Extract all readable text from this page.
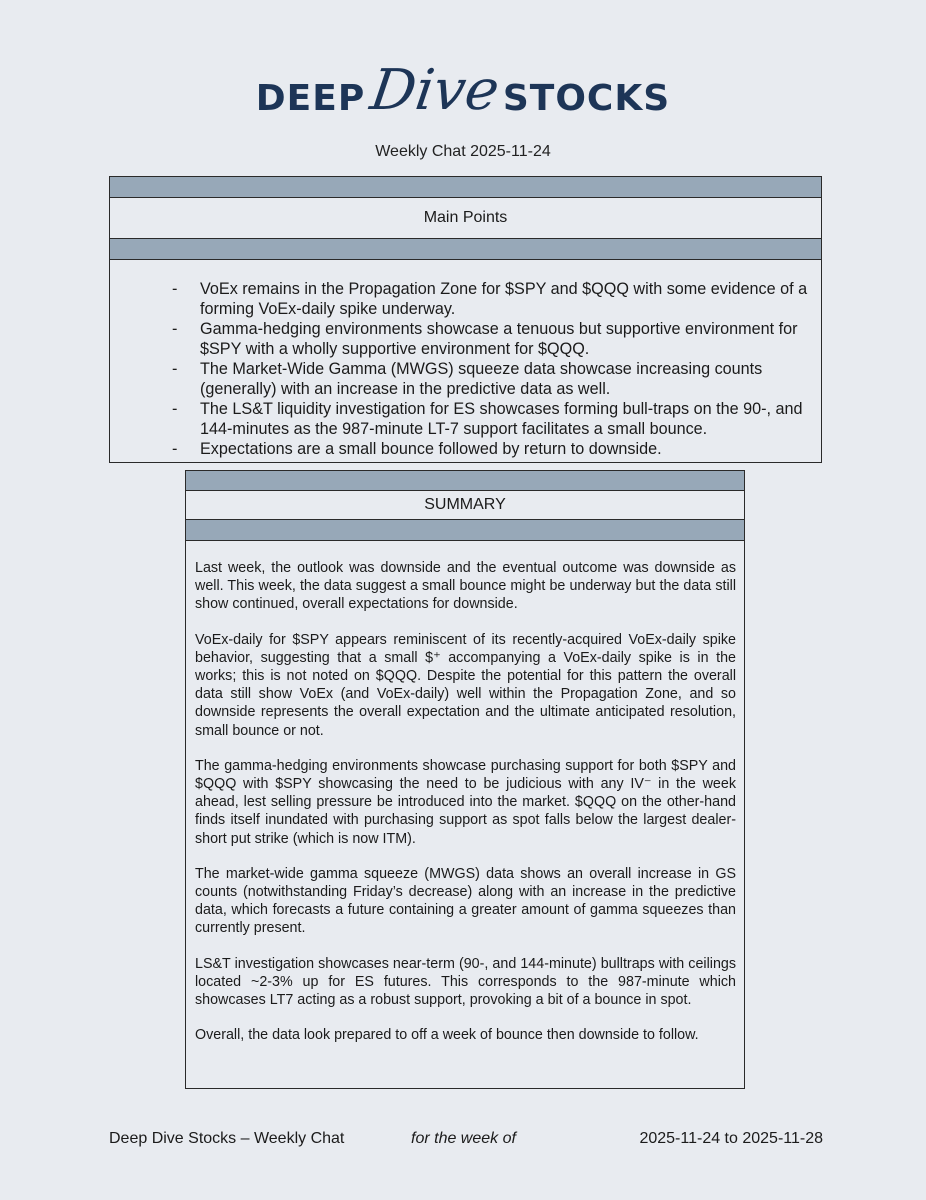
DEEP Dive STOCKS
Weekly Chat 2025-11-24
Main Points
- VoEx remains in the Propagation Zone for $SPY and $QQQ with some evidence of a forming VoEx-daily spike underway.
- Gamma-hedging environments showcase a tenuous but supportive environment for $SPY with a wholly supportive environment for $QQQ.
- The Market-Wide Gamma (MWGS) squeeze data showcase increasing counts (generally) with an increase in the predictive data as well.
- The LS&T liquidity investigation for ES showcases forming bull-traps on the 90-, and 144-minutes as the 987-minute LT-7 support facilitates a small bounce.
- Expectations are a small bounce followed by return to downside.
SUMMARY

Last week, the outlook was downside and the eventual outcome was downside as well. This week, the data suggest a small bounce might be underway but the data still show continued, overall expectations for downside.

VoEx-daily for $SPY appears reminiscent of its recently-acquired VoEx-daily spike behavior, suggesting that a small $⁺ accompanying a VoEx-daily spike is in the works; this is not noted on $QQQ. Despite the potential for this pattern the overall data still show VoEx (and VoEx-daily) well within the Propagation Zone, and so downside represents the overall expectation and the ultimate anticipated resolution, small bounce or not.

The gamma-hedging environments showcase purchasing support for both $SPY and $QQQ with $SPY showcasing the need to be judicious with any IV⁻ in the week ahead, lest selling pressure be introduced into the market. $QQQ on the other-hand finds itself inundated with purchasing support as spot falls below the largest dealer-short put strike (which is now ITM).

The market-wide gamma squeeze (MWGS) data shows an overall increase in GS counts (notwithstanding Friday’s decrease) along with an increase in the predictive data, which forecasts a future containing a greater amount of gamma squeezes than currently present.

LS&T investigation showcases near-term (90-, and 144-minute) bulltraps with ceilings located ~2-3% up for ES futures. This corresponds to the 987-minute which showcases LT7 acting as a robust support, provoking a bit of a bounce in spot.

Overall, the data look prepared to off a week of bounce then downside to follow.

Deep Dive Stocks – Weekly Chat	for the week of	2025-11-24 to 2025-11-28
